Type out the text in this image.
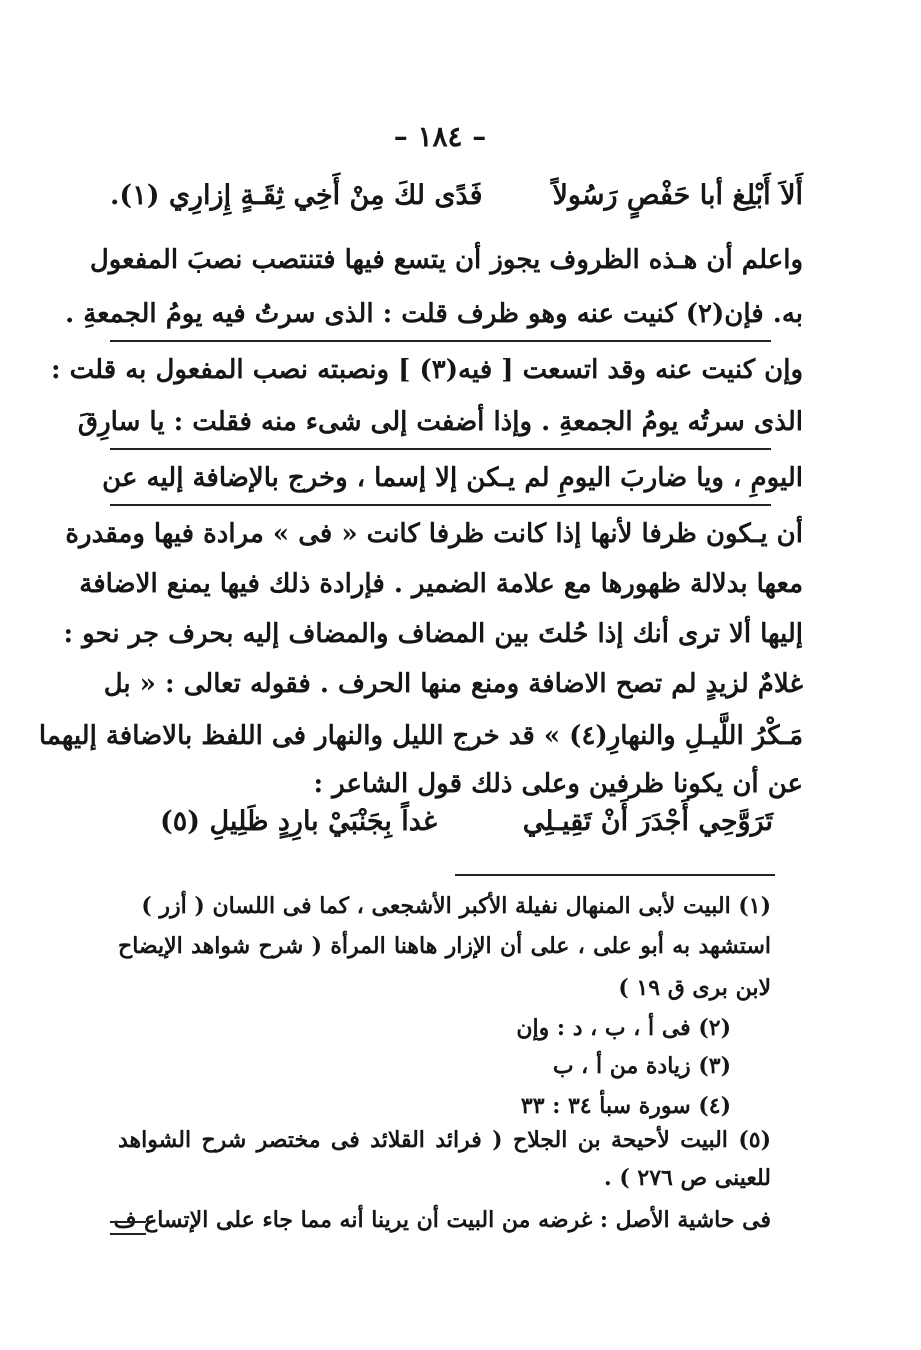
– ١٨٤ –
أَلاَ أَبْلِغ أبا حَفْصٍ رَسُولاً
فَدًى لكَ مِنْ أَخِي ثِقَـةٍ إِزارِي (١).
واعلم أن هـذه الظروف يجوز أن يتسع فيها فتنتصب نصبَ المفعول
به. فإن(٢) كنيت عنه وهو ظرف قلت : الذى سرتُ فيه يومُ الجمعةِ .
وإن كنيت عنه وقد اتسعت [ فيه(٣) ] ونصبته نصب المفعول به قلت :
الذى سرتُه يومُ الجمعةِ . وإذا أضفت إلى شىء منه فقلت : يا سارِقَ
اليومِ ، ويا ضاربَ اليومِ لم يـكن إلا إسما ، وخرج بالإضافة إليه عن
أن يـكون ظرفا لأنها إذا كانت ظرفا كانت « فى » مرادة فيها ومقدرة
معها بدلالة ظهورها مع علامة الضمير . فإرادة ذلك فيها يمنع الاضافة
إليها ألا ترى أنك إذا حُلتَ بين المضاف والمضاف إليه بحرف جر نحو :
غلامٌ لزيدٍ لم تصح الاضافة ومنع منها الحرف . فقوله تعالى : « بل
مَـكْرُ اللَّيـلِ والنهارِ(٤) » قد خرج الليل والنهار فى اللفظ بالاضافة إليهما
عن أن يكونا ظرفين وعلى ذلك قول الشاعر :
تَرَوَّحِي أَجْدَرَ أَنْ تَقِيـلِي
غداً بِجَنْبَيْ بارِدٍ ظَلِيلِ (٥)
(١) البيت لأبى المنهال نفيلة الأكبر الأشجعى ، كما فى اللسان ( أزر )
استشهد به أبو على ، على أن الإزار هاهنا المرأة ( شرح شواهد الإيضاح
لابن برى ق ١٩ )
(٢) فى أ ، ب ، د : وإن
(٣) زيادة من أ ، ب
(٤) سورة سبأ ٣٤ : ٣٣
(٥) البيت لأحيحة بن الجلاح ( فرائد القلائد فى مختصر شرح الشواهد
للعينى ص ٢٧٦ ) .
فى حاشية الأصل : غرضه من البيت أن يرينا أنه مما جاء على الإتساع ف
